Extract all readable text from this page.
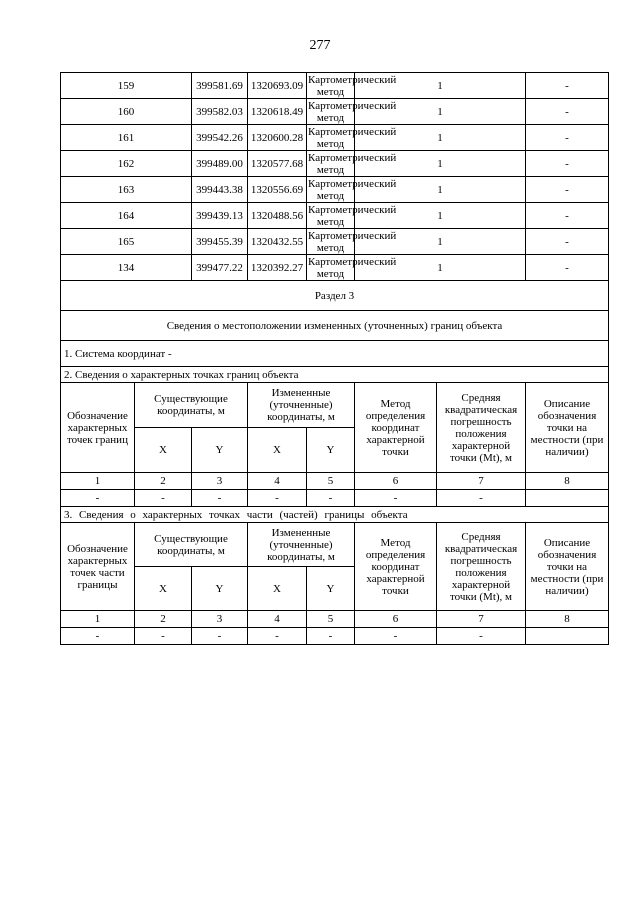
277
159		399581.69	1320693.09	Картометрический метод	1		-
160		399582.03	1320618.49	Картометрический метод	1		-
161		399542.26	1320600.28	Картометрический метод	1		-
162		399489.00	1320577.68	Картометрический метод	1		-
163		399443.38	1320556.69	Картометрический метод	1		-
164		399439.13	1320488.56	Картометрический метод	1		-
165		399455.39	1320432.55	Картометрический метод	1		-
134		399477.22	1320392.27	Картометрический метод	1		-
Раздел 3							
Сведения о местоположении измененных (уточненных) границ объекта							
1. Система координат -							
2. Сведения о характерных точках границ объекта							
Обозначение характерных точек границ	Существующие координаты, м		Измененные (уточненные) координаты, м		Метод определения координат характерной точки	Средняя квадратическая погрешность положения характерной точки (Mt), м	Описание обозначения точки на местности (при наличии)
	X	Y	X	Y			
1	2	3	4	5	6	7	8
-	-	-	-	-	-	-	
3. Сведения о характерных точках части (частей) границы объекта							
Обозначение характерных точек части границы	Существующие координаты, м		Измененные (уточненные) координаты, м		Метод определения координат характерной точки	Средняя квадратическая погрешность положения характерной точки (Mt), м	Описание обозначения точки на местности (при наличии)
	X	Y	X	Y			
1	2	3	4	5	6	7	8
-	-	-	-	-	-	-	
